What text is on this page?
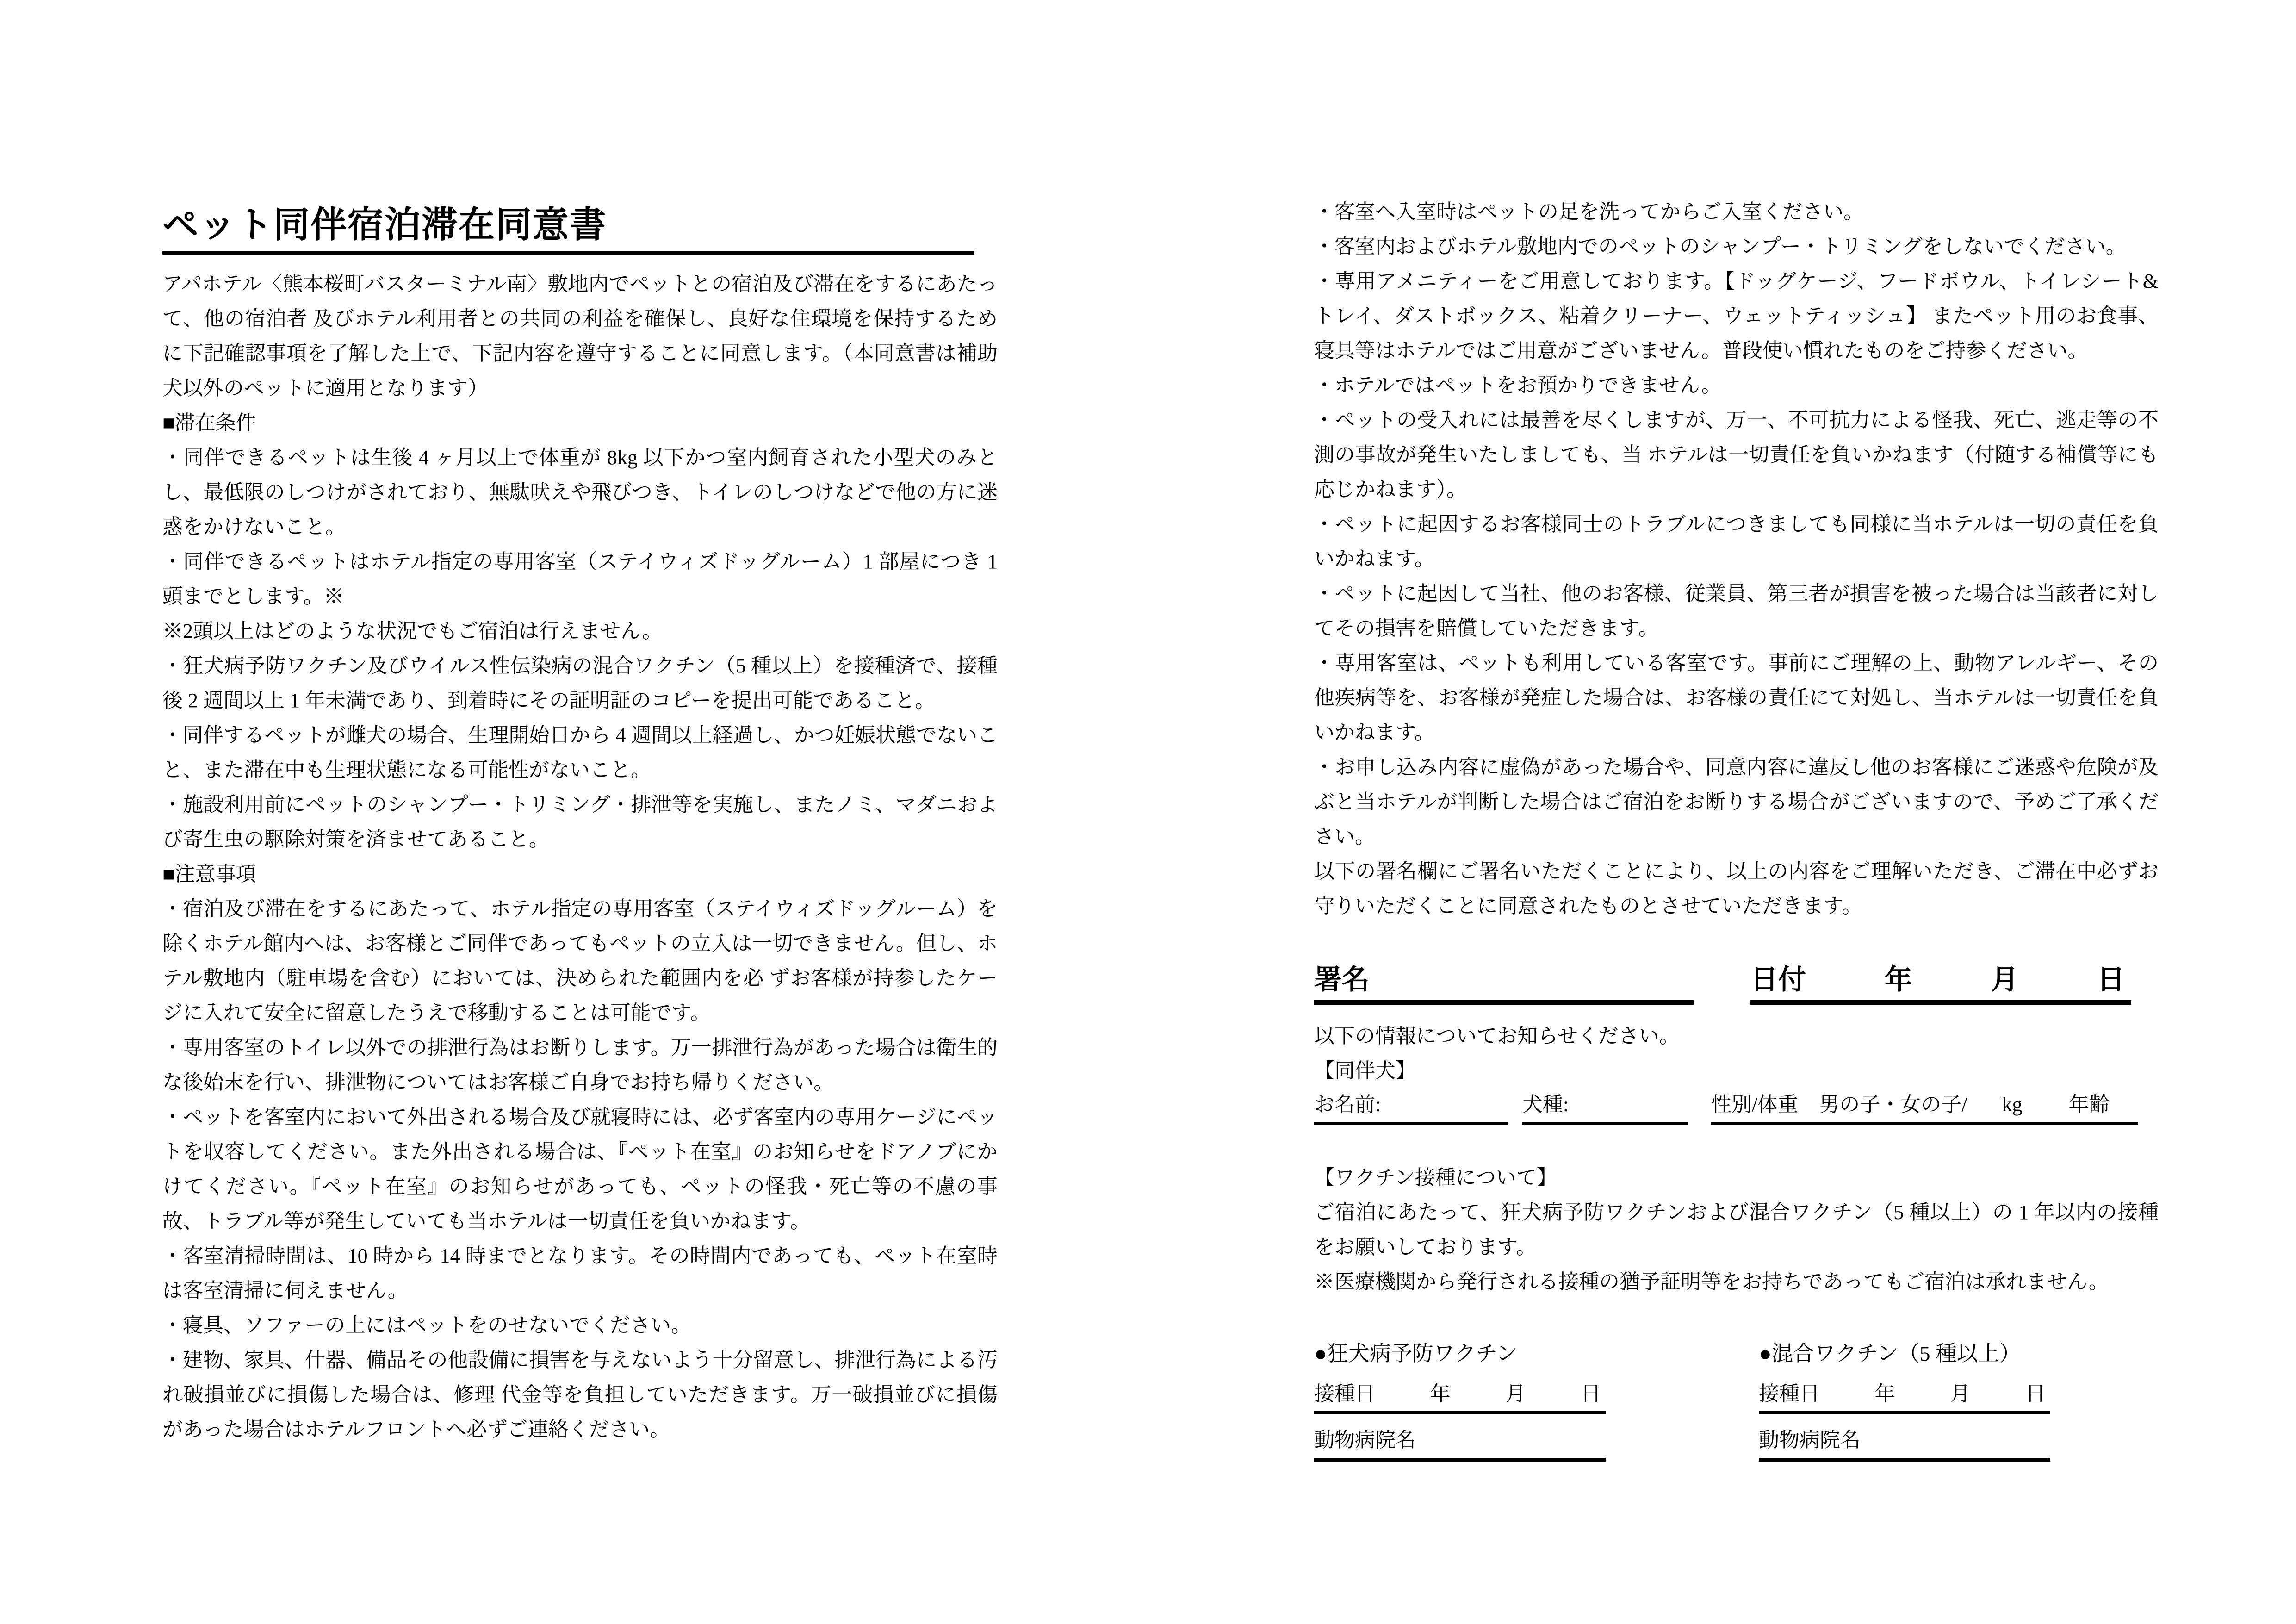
ペット同伴宿泊滞在同意書

アパホテル〈熊本桜町バスターミナル南〉敷地内でペットとの宿泊及び滞在をするにあたって、他の宿泊者 及びホテル利用者との共同の利益を確保し、良好な住環境を保持するために下記確認事項を了解した上で、下記内容を遵守することに同意します。（本同意書は補助犬以外のペットに適用となります）

■滞在条件

・同伴できるペットは生後 4 ヶ月以上で体重が 8kg 以下かつ室内飼育された小型犬のみとし、最低限のしつけがされており、無駄吠えや飛びつき、トイレのしつけなどで他の方に迷惑をかけないこと。

・同伴できるペットはホテル指定の専用客室（ステイウィズドッグルーム）1 部屋につき 1 頭までとします。※

※2頭以上はどのような状況でもご宿泊は行えません。

・狂犬病予防ワクチン及びウイルス性伝染病の混合ワクチン（5 種以上）を接種済で、接種後 2 週間以上 1 年未満であり、到着時にその証明証のコピーを提出可能であること。

・同伴するペットが雌犬の場合、生理開始日から 4 週間以上経過し、かつ妊娠状態でないこと、また滞在中も生理状態になる可能性がないこと。

・施設利用前にペットのシャンプー・トリミング・排泄等を実施し、またノミ、マダニおよび寄生虫の駆除対策を済ませてあること。

■注意事項

・宿泊及び滞在をするにあたって、ホテル指定の専用客室（ステイウィズドッグルーム）を除くホテル館内へは、お客様とご同伴であってもペットの立入は一切できません。但し、ホテル敷地内（駐車場を含む）においては、決められた範囲内を必 ずお客様が持参したケージに入れて安全に留意したうえで移動することは可能です。

・専用客室のトイレ以外での排泄行為はお断りします。万一排泄行為があった場合は衛生的な後始末を行い、排泄物についてはお客様ご自身でお持ち帰りください。

・ペットを客室内において外出される場合及び就寝時には、必ず客室内の専用ケージにペットを収容してください。また外出される場合は、『ペット在室』のお知らせをドアノブにかけてください。『ペット在室』のお知らせがあっても、ペットの怪我・死亡等の不慮の事故、トラブル等が発生していても当ホテルは一切責任を負いかねます。

・客室清掃時間は、10 時から 14 時までとなります。その時間内であっても、ペット在室時は客室清掃に伺えません。

・寝具、ソファーの上にはペットをのせないでください。

・建物、家具、什器、備品その他設備に損害を与えないよう十分留意し、排泄行為による汚れ破損並びに損傷した場合は、修理 代金等を負担していただきます。万一破損並びに損傷があった場合はホテルフロントへ必ずご連絡ください。

・客室へ入室時はペットの足を洗ってからご入室ください。

・客室内およびホテル敷地内でのペットのシャンプー・トリミングをしないでください。

・専用アメニティーをご用意しております。【ドッグケージ、フードボウル、トイレシート&トレイ、ダストボックス、粘着クリーナー、ウェットティッシュ】 またペット用のお食事、寝具等はホテルではご用意がございません。普段使い慣れたものをご持参ください。

・ホテルではペットをお預かりできません。

・ペットの受入れには最善を尽くしますが、万一、不可抗力による怪我、死亡、逃走等の不測の事故が発生いたしましても、当 ホテルは一切責任を負いかねます（付随する補償等にも応じかねます）。

・ペットに起因するお客様同士のトラブルにつきましても同様に当ホテルは一切の責任を負いかねます。

・ペットに起因して当社、他のお客様、従業員、第三者が損害を被った場合は当該者に対してその損害を賠償していただきます。

・専用客室は、ペットも利用している客室です。事前にご理解の上、動物アレルギー、その他疾病等を、お客様が発症した場合は、お客様の責任にて対処し、当ホテルは一切責任を負いかねます。

・お申し込み内容に虚偽があった場合や、同意内容に違反し他のお客様にご迷惑や危険が及ぶと当ホテルが判断した場合はご宿泊をお断りする場合がございますので、予めご了承ください。

以下の署名欄にご署名いただくことにより、以上の内容をご理解いただき、ご滞在中必ずお守りいただくことに同意されたものとさせていただきます。

署名	日付	年	月	日

以下の情報についてお知らせください。

【同伴犬】

お名前:	犬種:	性別/体重 男の子・女の子/ kg 年齢

【ワクチン接種について】

ご宿泊にあたって、狂犬病予防ワクチンおよび混合ワクチン（5 種以上）の 1 年以内の接種をお願いしております。

※医療機関から発行される接種の猶予証明等をお持ちであってもご宿泊は承れません。

●狂犬病予防ワクチン

接種日	年	月	日
動物病院名

●混合ワクチン（5 種以上）

接種日	年	月	日
動物病院名
